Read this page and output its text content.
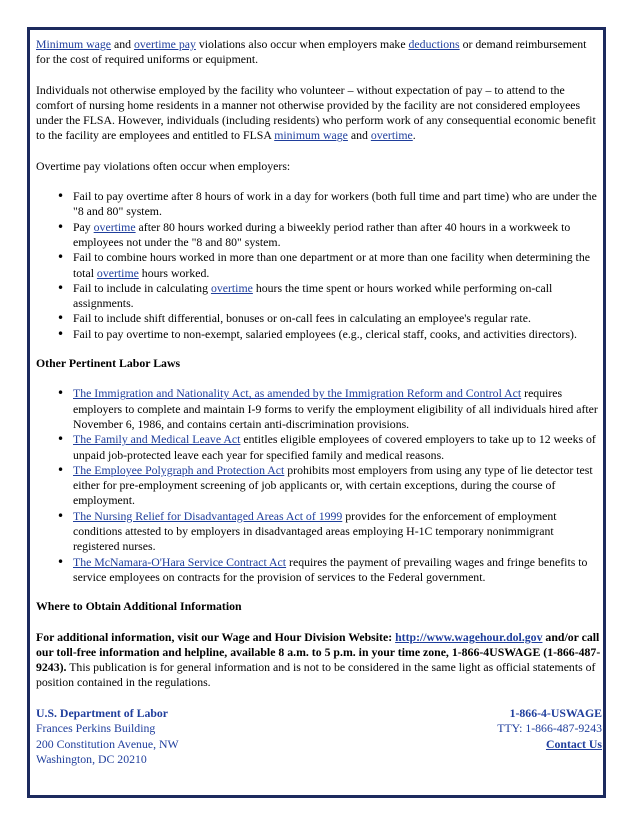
Minimum wage and overtime pay violations also occur when employers make deductions or demand reimbursement for the cost of required uniforms or equipment.

Individuals not otherwise employed by the facility who volunteer – without expectation of pay – to attend to the comfort of nursing home residents in a manner not otherwise provided by the facility are not considered employees under the FLSA. However, individuals (including residents) who perform work of any consequential economic benefit to the facility are employees and entitled to FLSA minimum wage and overtime.

Overtime pay violations often occur when employers:

• Fail to pay overtime after 8 hours of work in a day for workers (both full time and part time) who are under the "8 and 80" system.
• Pay overtime after 80 hours worked during a biweekly period rather than after 40 hours in a workweek to employees not under the "8 and 80" system.
• Fail to combine hours worked in more than one department or at more than one facility when determining the total overtime hours worked.
• Fail to include in calculating overtime hours the time spent or hours worked while performing on-call assignments.
• Fail to include shift differential, bonuses or on-call fees in calculating an employee's regular rate.
• Fail to pay overtime to non-exempt, salaried employees (e.g., clerical staff, cooks, and activities directors).
Other Pertinent Labor Laws
• The Immigration and Nationality Act, as amended by the Immigration Reform and Control Act requires employers to complete and maintain I-9 forms to verify the employment eligibility of all individuals hired after November 6, 1986, and contains certain anti-discrimination provisions.
• The Family and Medical Leave Act entitles eligible employees of covered employers to take up to 12 weeks of unpaid job-protected leave each year for specified family and medical reasons.
• The Employee Polygraph and Protection Act prohibits most employers from using any type of lie detector test either for pre-employment screening of job applicants or, with certain exceptions, during the course of employment.
• The Nursing Relief for Disadvantaged Areas Act of 1999 provides for the enforcement of employment conditions attested to by employers in disadvantaged areas employing H-1C temporary nonimmigrant registered nurses.
• The McNamara-O'Hara Service Contract Act requires the payment of prevailing wages and fringe benefits to service employees on contracts for the provision of services to the Federal government.
Where to Obtain Additional Information

For additional information, visit our Wage and Hour Division Website: http://www.wagehour.dol.gov and/or call our toll-free information and helpline, available 8 a.m. to 5 p.m. in your time zone, 1-866-4USWAGE (1-866-487-9243). This publication is for general information and is not to be considered in the same light as official statements of position contained in the regulations.

U.S. Department of Labor
Frances Perkins Building
200 Constitution Avenue, NW
Washington, DC 20210
1-866-4-USWAGE
TTY: 1-866-487-9243
Contact Us
